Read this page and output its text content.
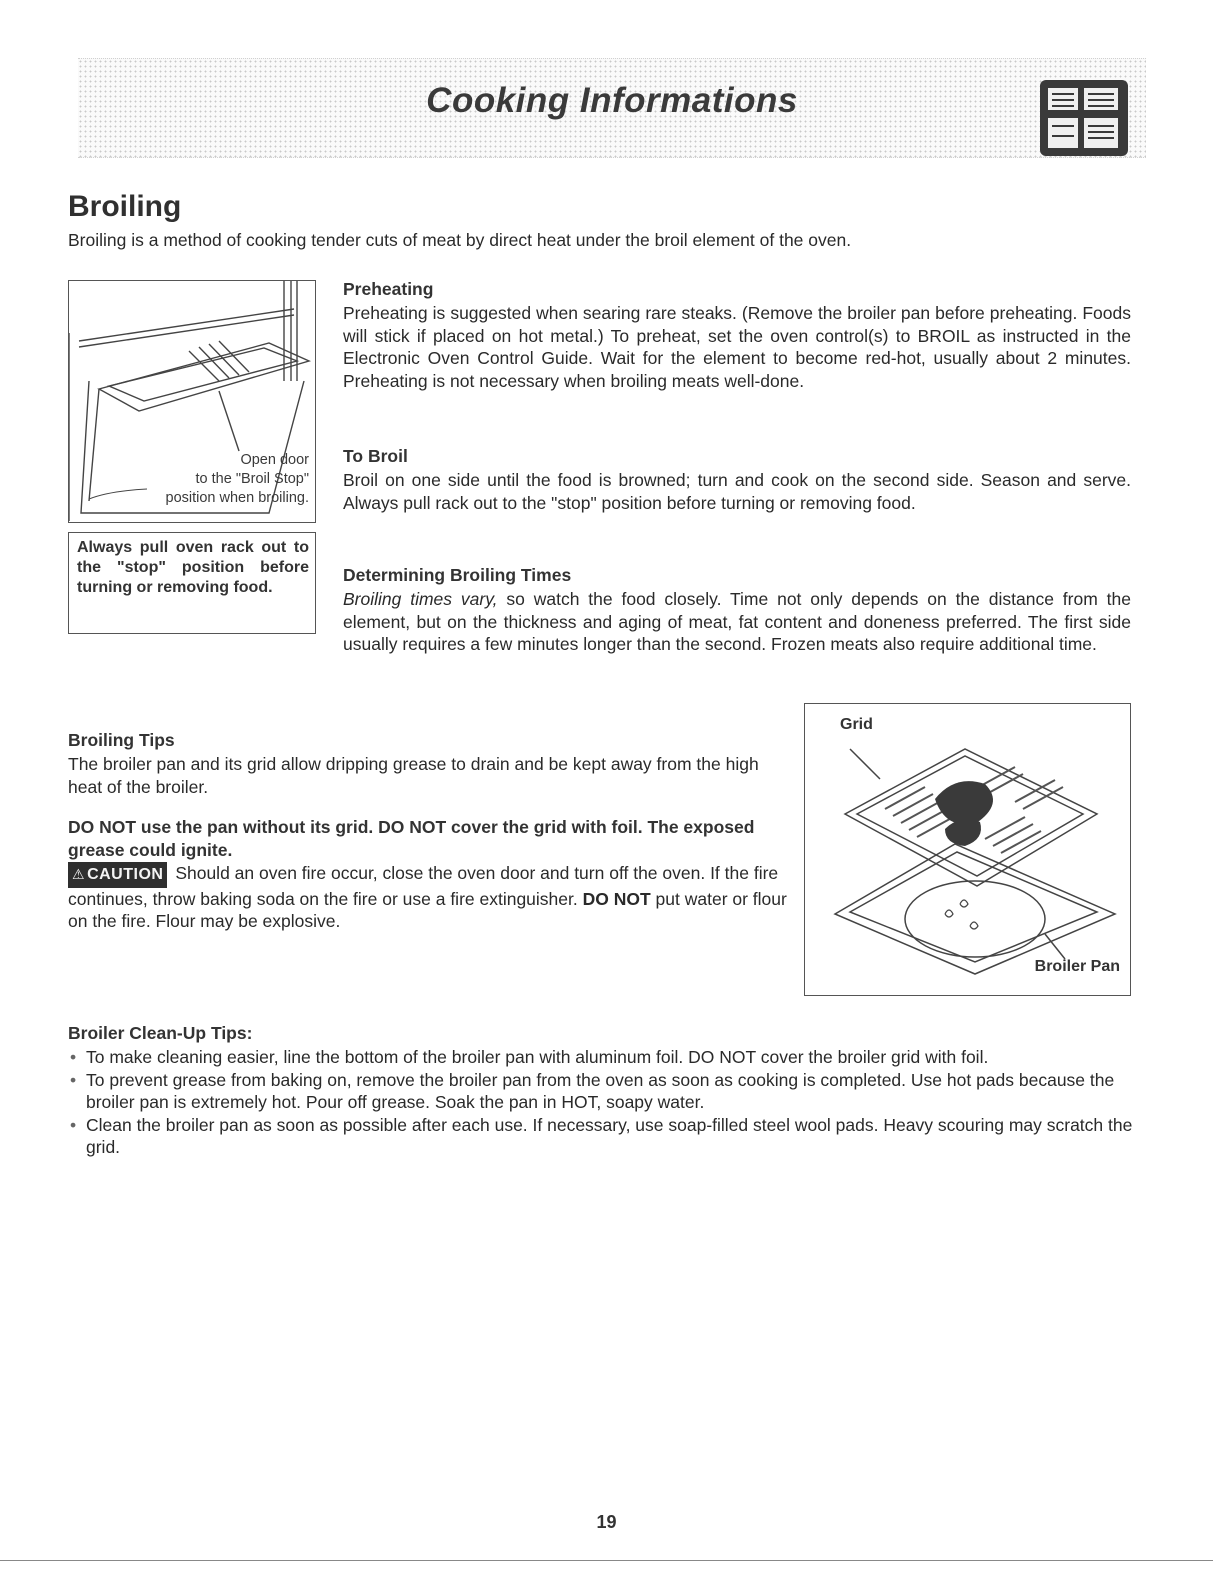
Cooking Informations
Broiling
Broiling is a method of cooking tender cuts of meat by direct heat under the broil element of the oven.
Open door
to the "Broil Stop"
position when broiling.
Always pull oven rack out to the "stop" position before turning or removing food.
Preheating

Preheating is suggested when searing rare steaks. (Remove the broiler pan before preheating. Foods will stick if placed on hot metal.) To preheat, set the oven control(s) to BROIL as instructed in the Electronic Oven Control Guide. Wait for the element to become red-hot, usually about 2 minutes. Preheating is not necessary when broiling meats well-done.

To Broil

Broil on one side until the food is browned; turn and cook on the second side. Season and serve. Always pull rack out to the "stop" position before turning or removing food.

Determining Broiling Times

Broiling times vary, so watch the food closely. Time not only depends on the distance from the element, but on the thickness and aging of meat, fat content and doneness preferred. The first side usually requires a few minutes longer than the second. Frozen meats also require additional time.

Broiling Tips

The broiler pan and its grid allow dripping grease to drain and be kept away from the high heat of the broiler.

DO NOT use the pan without its grid. DO NOT cover the grid with foil. The exposed grease could ignite.

⚠ CAUTION Should an oven fire occur, close the oven door and turn off the oven. If the fire continues, throw baking soda on the fire or use a fire extinguisher. DO NOT put water or flour on the fire. Flour may be explosive.

Grid
Broiler Pan
Broiler Clean-Up Tips:
• To make cleaning easier, line the bottom of the broiler pan with aluminum foil. DO NOT cover the broiler grid with foil.
• To prevent grease from baking on, remove the broiler pan from the oven as soon as cooking is completed. Use hot pads because the broiler pan is extremely hot. Pour off grease. Soak the pan in HOT, soapy water.
• Clean the broiler pan as soon as possible after each use. If necessary, use soap-filled steel wool pads. Heavy scouring may scratch the grid.
19
